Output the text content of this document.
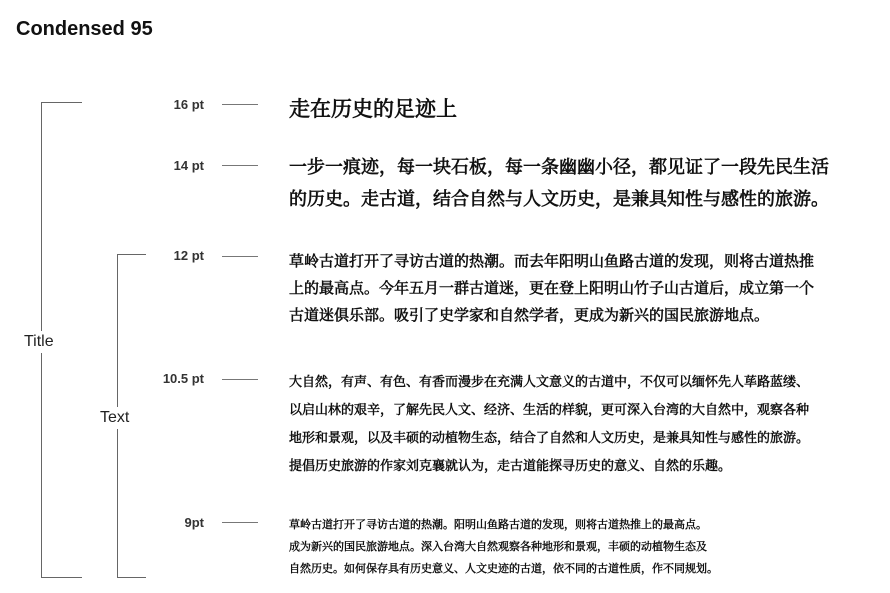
Condensed 95
Title
Text
16 pt	走在历史的足迹上

14 pt	一步一痕迹，每一块石板，每一条幽幽小径，都见证了一段先民生活
的历史。走古道，结合自然与人文历史，是兼具知性与感性的旅游。

12 pt	草岭古道打开了寻访古道的热潮。而去年阳明山鱼路古道的发现，则将古道热推
上的最高点。今年五月一群古道迷，更在登上阳明山竹子山古道后，成立第一个
古道迷俱乐部。吸引了史学家和自然学者，更成为新兴的国民旅游地点。

10.5 pt	大自然，有声、有色、有香而漫步在充满人文意义的古道中，不仅可以缅怀先人荜路蓝缕、
以启山林的艰辛，了解先民人文、经济、生活的样貌，更可深入台湾的大自然中，观察各种
地形和景观，以及丰硕的动植物生态，结合了自然和人文历史，是兼具知性与感性的旅游。
提倡历史旅游的作家刘克襄就认为，走古道能探寻历史的意义、自然的乐趣。

9pt	草岭古道打开了寻访古道的热潮。阳明山鱼路古道的发现，则将古道热推上的最高点。
成为新兴的国民旅游地点。深入台湾大自然观察各种地形和景观，丰硕的动植物生态及
自然历史。如何保存具有历史意义、人文史迹的古道，依不同的古道性质，作不同规划。
